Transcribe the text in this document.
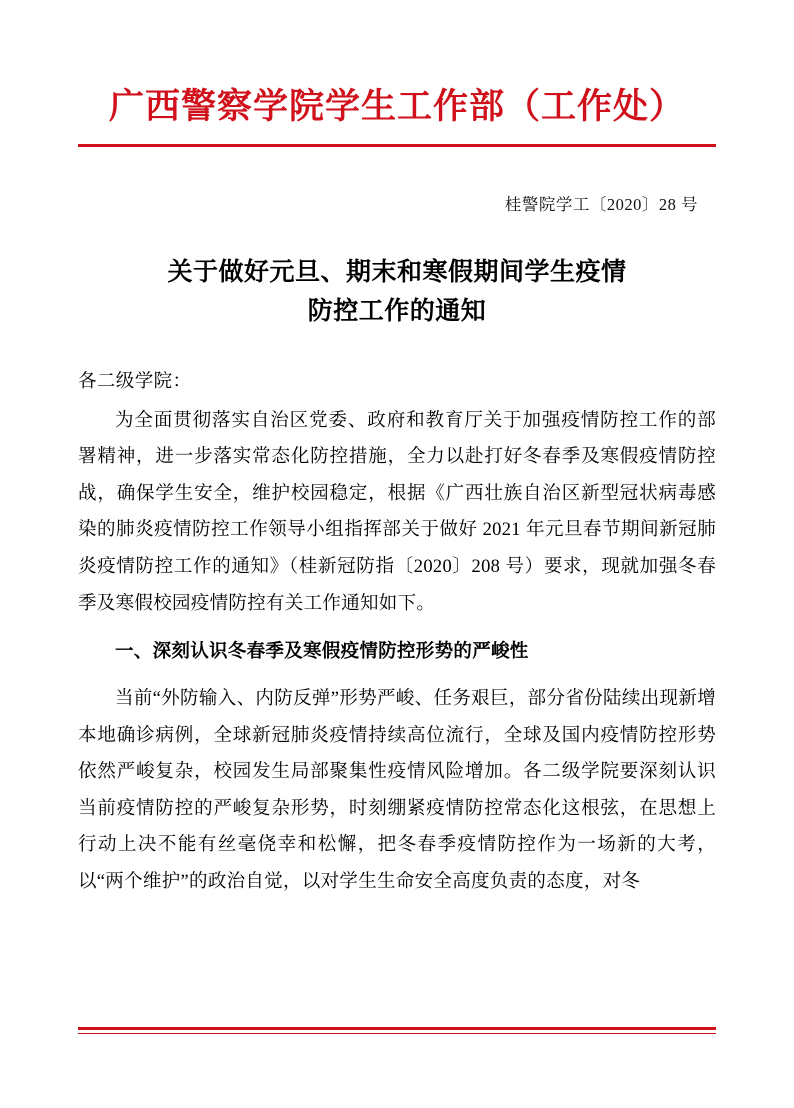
广西警察学院学生工作部（工作处）
桂警院学工〔2020〕28 号
关于做好元旦、期末和寒假期间学生疫情
防控工作的通知
各二级学院：

为全面贯彻落实自治区党委、政府和教育厅关于加强疫情防控工作的部署精神，进一步落实常态化防控措施，全力以赴打好冬春季及寒假疫情防控战，确保学生安全，维护校园稳定，根据《广西壮族自治区新型冠状病毒感染的肺炎疫情防控工作领导小组指挥部关于做好 2021 年元旦春节期间新冠肺炎疫情防控工作的通知》（桂新冠防指〔2020〕208 号）要求，现就加强冬春季及寒假校园疫情防控有关工作通知如下。

一、深刻认识冬春季及寒假疫情防控形势的严峻性

当前“外防输入、内防反弹”形势严峻、任务艰巨，部分省份陆续出现新增本地确诊病例，全球新冠肺炎疫情持续高位流行，全球及国内疫情防控形势依然严峻复杂，校园发生局部聚集性疫情风险增加。各二级学院要深刻认识当前疫情防控的严峻复杂形势，时刻绷紧疫情防控常态化这根弦，在思想上行动上决不能有丝毫侥幸和松懈，把冬春季疫情防控作为一场新的大考，以“两个维护”的政治自觉，以对学生生命安全高度负责的态度，对冬
